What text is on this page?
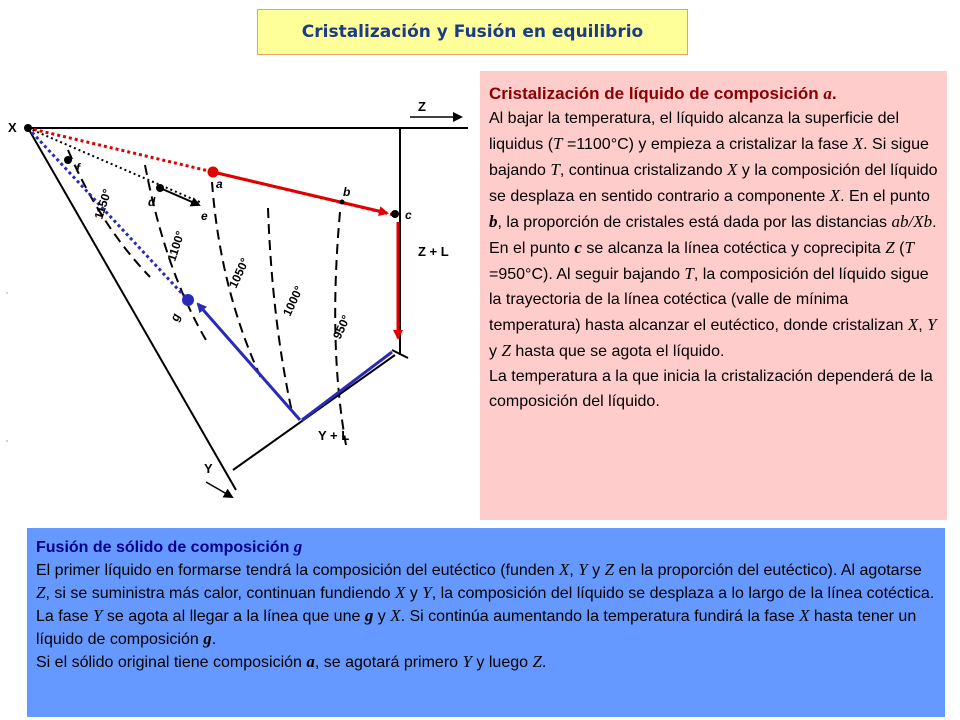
Cristalización y Fusión en equilibrio
X
Z
Y
Z + L
Y + L
a
b
c
d
e
f
g
1150°
1100°
1050°
1000°
950°
Cristalización de líquido de composición a.
Al bajar la temperatura, el líquido alcanza la superficie del liquidus (T =1100°C) y empieza a cristalizar la fase X. Si sigue bajando T, continua cristalizando X y la composición del líquido se desplaza en sentido contrario a componente X. En el punto b, la proporción de cristales está dada por las distancias ab/Xb. En el punto c se alcanza la línea cotéctica y coprecipita Z (T =950°C). Al seguir bajando T, la composición del líquido sigue la trayectoria de la línea cotéctica (valle de mínima temperatura) hasta alcanzar el eutéctico, donde cristalizan X, Y y Z hasta que se agota el líquido.
La temperatura a la que inicia la cristalización dependerá de la composición del líquido.
Fusión de sólido de composición g
El primer líquido en formarse tendrá la composición del eutéctico (funden X, Y y Z en la proporción del eutéctico). Al agotarse Z, si se suministra más calor, continuan fundiendo X y Y, la composición del líquido se desplaza a lo largo de la línea cotéctica. La fase Y se agota al llegar a la línea que une g y X. Si continúa aumentando la temperatura fundirá la fase X hasta tener un líquido de composición g.
Si el sólido original tiene composición a, se agotará primero Y y luego Z.
